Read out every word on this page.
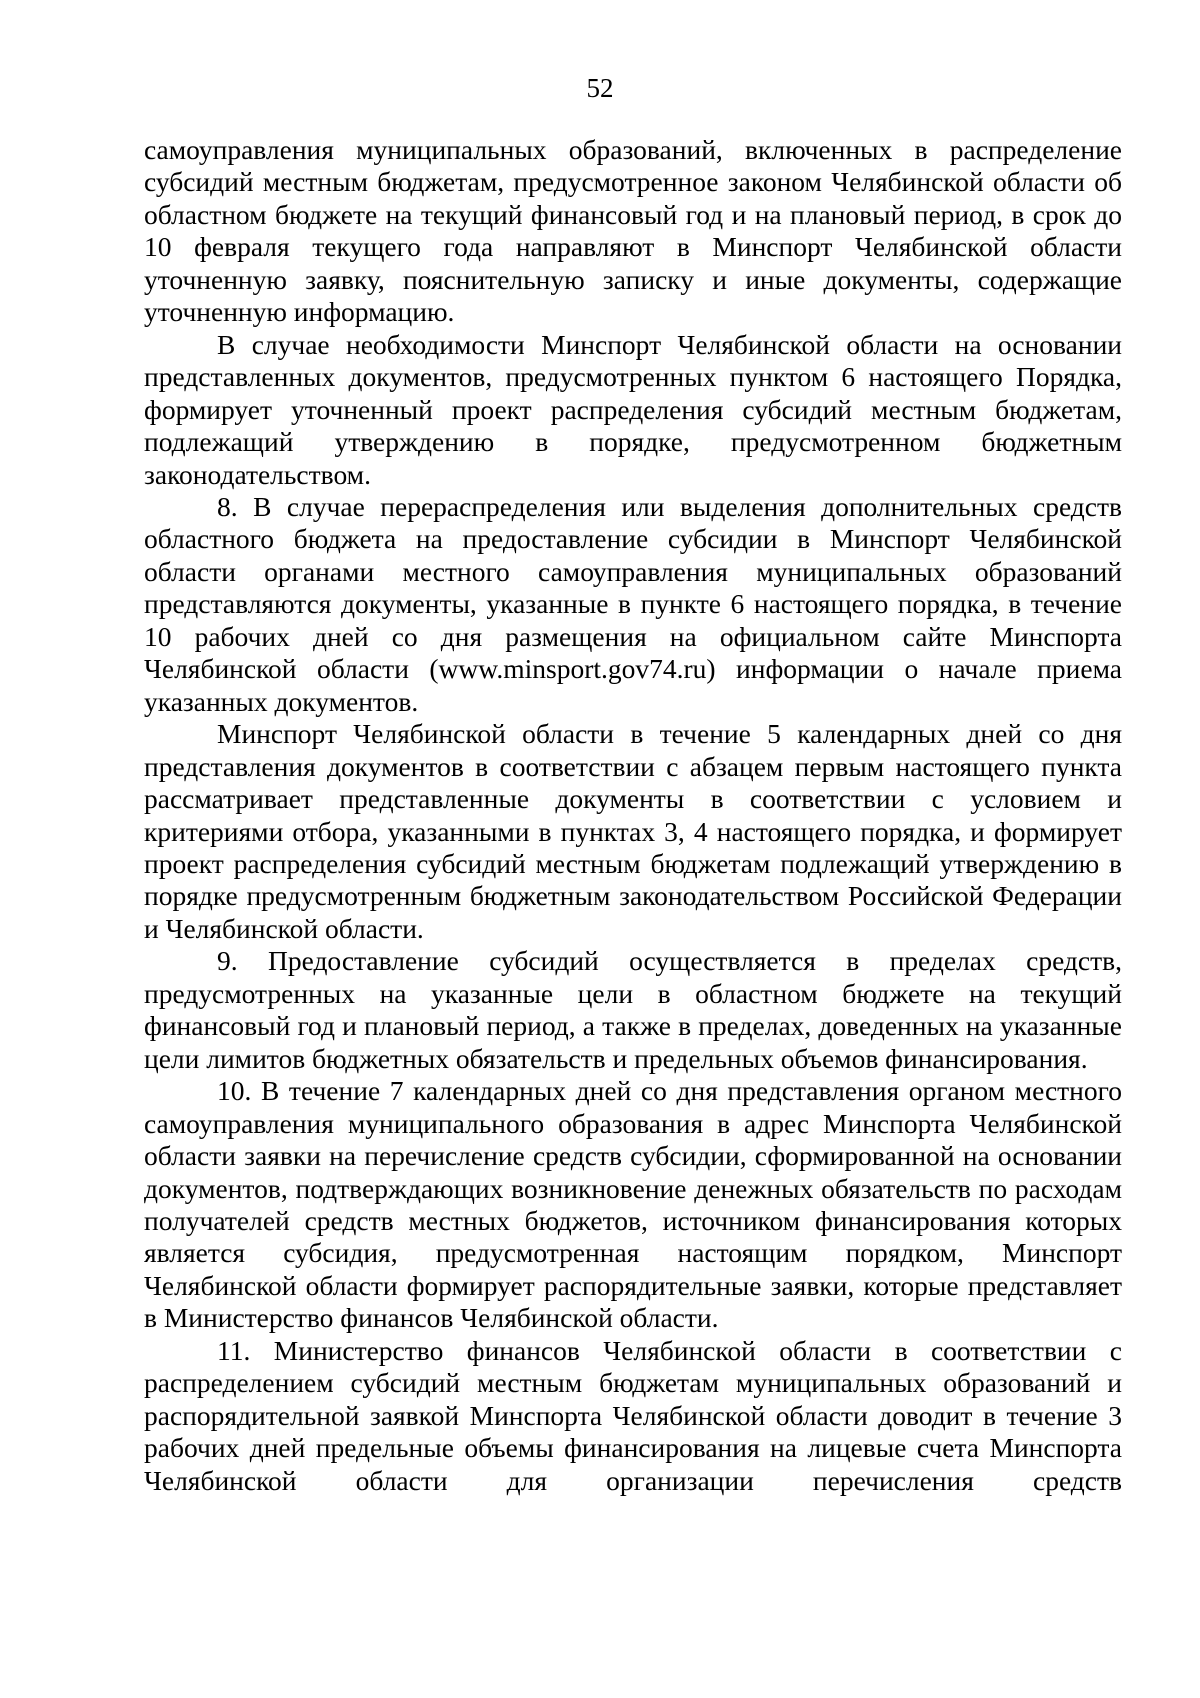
52

самоуправления муниципальных образований, включенных в распределение субсидий местным бюджетам, предусмотренное законом Челябинской области об областном бюджете на текущий финансовый год и на плановый период, в срок до 10 февраля текущего года направляют в Минспорт Челябинской области уточненную заявку, пояснительную записку и иные документы, содержащие уточненную информацию.

В случае необходимости Минспорт Челябинской области на основании представленных документов, предусмотренных пунктом 6 настоящего Порядка, формирует уточненный проект распределения субсидий местным бюджетам, подлежащий утверждению в порядке, предусмотренном бюджетным законодательством.

8. В случае перераспределения или выделения дополнительных средств областного бюджета на предоставление субсидии в Минспорт Челябинской области органами местного самоуправления муниципальных образований представляются документы, указанные в пункте 6 настоящего порядка, в течение 10 рабочих дней со дня размещения на официальном сайте Минспорта Челябинской области (www.minsport.gov74.ru) информации о начале приема указанных документов.

Минспорт Челябинской области в течение 5 календарных дней со дня представления документов в соответствии с абзацем первым настоящего пункта рассматривает представленные документы в соответствии с условием и критериями отбора, указанными в пунктах 3, 4 настоящего порядка, и формирует проект распределения субсидий местным бюджетам подлежащий утверждению в порядке предусмотренным бюджетным законодательством Российской Федерации и Челябинской области.

9. Предоставление субсидий осуществляется в пределах средств, предусмотренных на указанные цели в областном бюджете на текущий финансовый год и плановый период, а также в пределах, доведенных на указанные цели лимитов бюджетных обязательств и предельных объемов финансирования.

10. В течение 7 календарных дней со дня представления органом местного самоуправления муниципального образования в адрес Минспорта Челябинской области заявки на перечисление средств субсидии, сформированной на основании документов, подтверждающих возникновение денежных обязательств по расходам получателей средств местных бюджетов, источником финансирования которых является субсидия, предусмотренная настоящим порядком, Минспорт Челябинской области формирует распорядительные заявки, которые представляет в Министерство финансов Челябинской области.

11. Министерство финансов Челябинской области в соответствии с распределением субсидий местным бюджетам муниципальных образований и распорядительной заявкой Минспорта Челябинской области доводит в течение 3 рабочих дней предельные объемы финансирования на лицевые счета Минспорта Челябинской области для организации перечисления средств
